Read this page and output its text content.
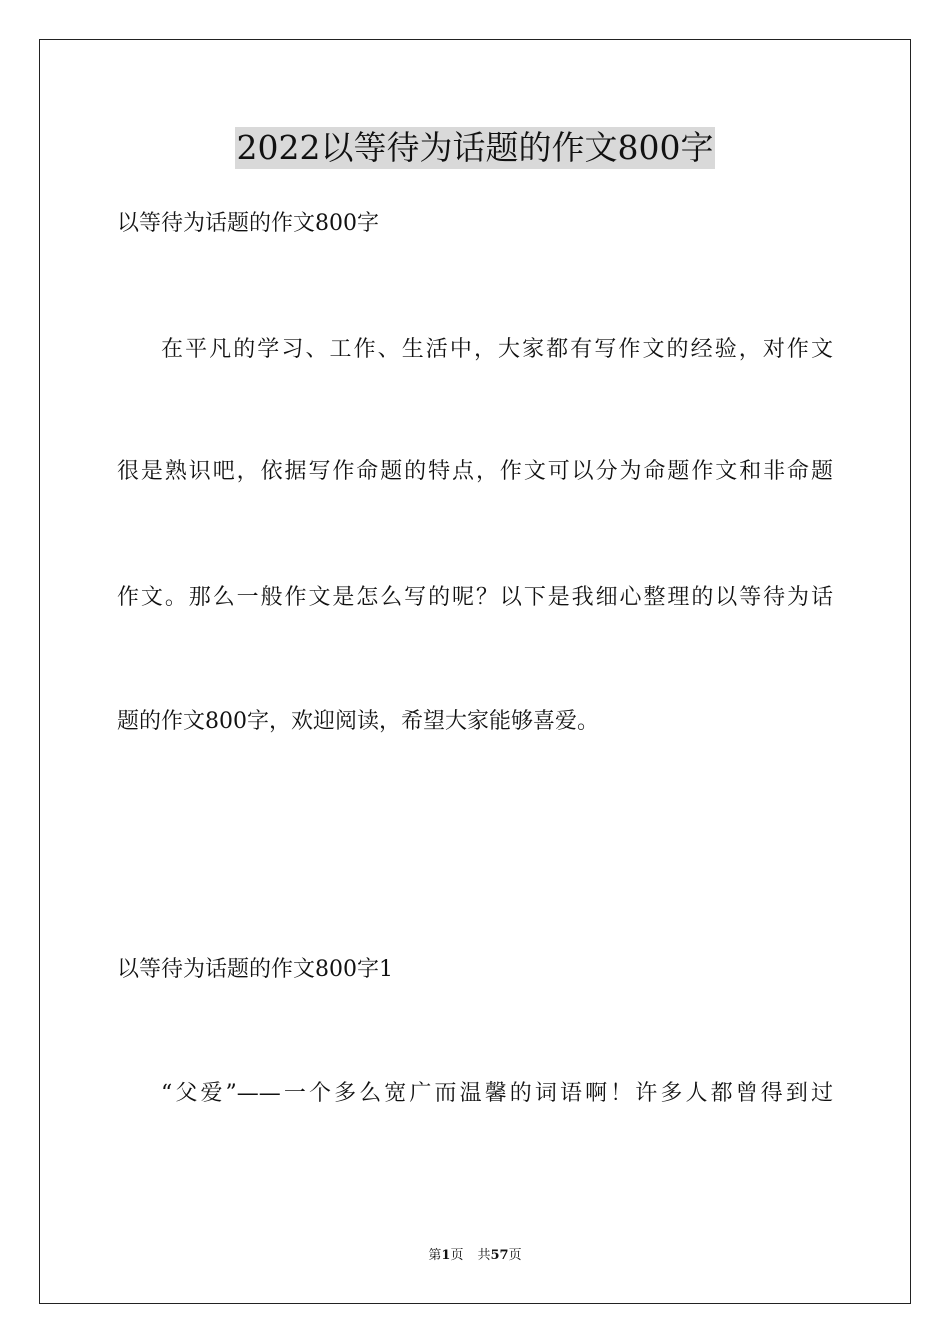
2022以等待为话题的作文800字
以等待为话题的作文800字
在平凡的学习、工作、生活中，大家都有写作文的经验，对作文
很是熟识吧，依据写作命题的特点，作文可以分为命题作文和非命题
作文。那么一般作文是怎么写的呢？以下是我细心整理的以等待为话
题的作文800字，欢迎阅读，希望大家能够喜爱。
以等待为话题的作文800字1
“父爱”——一个多么宽广而温馨的词语啊！许多人都曾得到过
第1页 共57页
